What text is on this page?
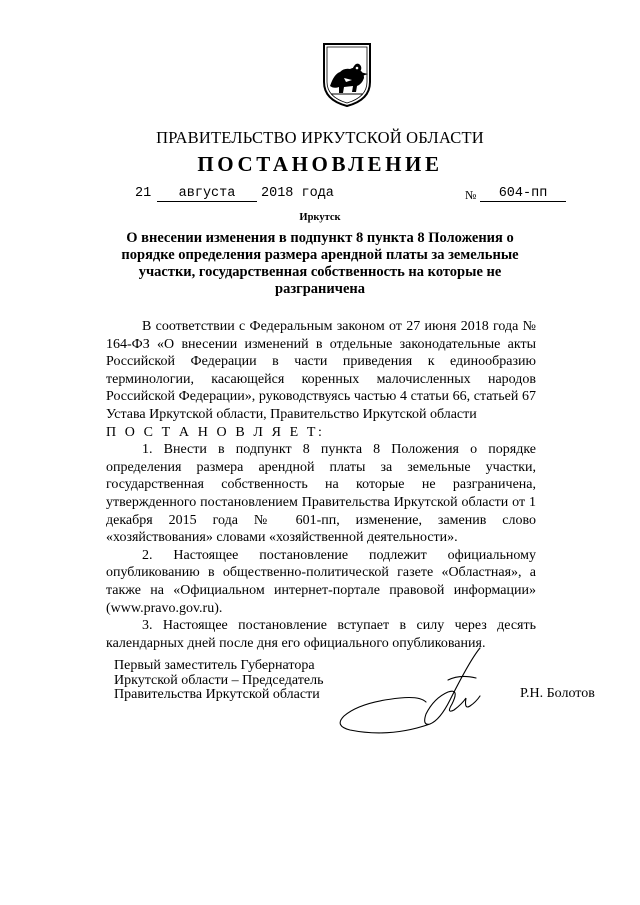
ПРАВИТЕЛЬСТВО ИРКУТСКОЙ ОБЛАСТИ
ПОСТАНОВЛЕНИЕ
21	августа	2018 года	№	604-пп
Иркутск
О внесении изменения в подпункт 8 пункта 8 Положения о порядке определения размера арендной платы за земельные участки, государственная собственность на которые не разграничена

В соответствии с Федеральным законом от 27 июня 2018 года № 164-ФЗ «О внесении изменений в отдельные законодательные акты Российской Федерации в части приведения к единообразию терминологии, касающейся коренных малочисленных народов Российской Федерации», руководствуясь частью 4 статьи 66, статьей 67 Устава Иркутской области, Правительство Иркутской области

П О С Т А Н О В Л Я Е Т:

1. Внести в подпункт 8 пункта 8 Положения о порядке определения размера арендной платы за земельные участки, государственная собственность на которые не разграничена, утвержденного постановлением Правительства Иркутской области от 1 декабря 2015 года № 601-пп, изменение, заменив слово «хозяйствования» словами «хозяйственной деятельности».

2. Настоящее постановление подлежит официальному опубликованию в общественно-политической газете «Областная», а также на «Официальном интернет-портале правовой информации» (www.pravo.gov.ru).

3. Настоящее постановление вступает в силу через десять календарных дней после дня его официального опубликования.

Первый заместитель Губернатора
Иркутской области – Председатель
Правительства Иркутской области	Р.Н. Болотов
